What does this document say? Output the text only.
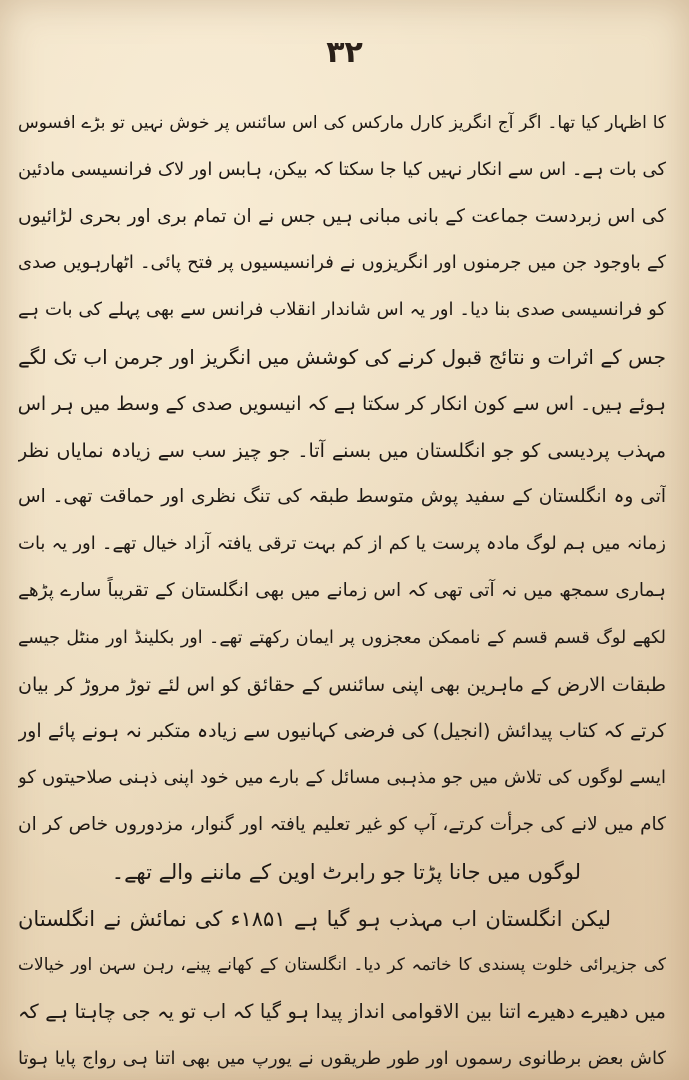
۳۲
کا اظہار کیا تھا۔ اگر آج انگریز کارل مارکس کی اس سائنس پر خوش نہیں تو بڑے افسوس
کی بات ہے۔ اس سے انکار نہیں کیا جا سکتا کہ بیکن، ہابس اور لاک فرانسیسی مادئین
کی اس زبردست جماعت کے بانی مبانی ہیں جس نے ان تمام بری اور بحری لڑائیوں
کے باوجود جن میں جرمنوں اور انگریزوں نے فرانسیسیوں پر فتح پائی۔ اٹھارہویں صدی
کو فرانسیسی صدی بنا دیا۔ اور یہ اس شاندار انقلاب فرانس سے بھی پہلے کی بات ہے
جس کے اثرات و نتائج قبول کرنے کی کوشش میں انگریز اور جرمن اب تک لگے
ہوئے ہیں۔ اس سے کون انکار کر سکتا ہے کہ انیسویں صدی کے وسط میں ہر اس
مہذب پردیسی کو جو انگلستان میں بسنے آتا۔ جو چیز سب سے زیادہ نمایاں نظر
آتی وہ انگلستان کے سفید پوش متوسط طبقہ کی تنگ نظری اور حماقت تھی۔ اس
زمانہ میں ہم لوگ مادہ پرست یا کم از کم بہت ترقی یافتہ آزاد خیال تھے۔ اور یہ بات
ہماری سمجھ میں نہ آتی تھی کہ اس زمانے میں بھی انگلستان کے تقریباً سارے پڑھے
لکھے لوگ قسم قسم کے ناممکن معجزوں پر ایمان رکھتے تھے۔ اور بکلینڈ اور منٹل جیسے
طبقات الارض کے ماہرین بھی اپنی سائنس کے حقائق کو اس لئے توڑ مروڑ کر بیان
کرتے کہ کتاب پیدائش (انجیل) کی فرضی کہانیوں سے زیادہ متکبر نہ ہونے پائے اور
ایسے لوگوں کی تلاش میں جو مذہبی مسائل کے بارے میں خود اپنی ذہنی صلاحیتوں کو
کام میں لانے کی جرأت کرتے، آپ کو غیر تعلیم یافتہ اور گنوار، مزدوروں خاص کر ان
لوگوں میں جانا پڑتا جو رابرٹ اوین کے ماننے والے تھے۔
لیکن انگلستان اب مہذب ہو گیا ہے ۱۸۵۱ء کی نمائش نے انگلستان
کی جزیرائی خلوت پسندی کا خاتمہ کر دیا۔ انگلستان کے کھانے پینے، رہن سہن اور خیالات
میں دھیرے دھیرے اتنا بین الاقوامی انداز پیدا ہو گیا کہ اب تو یہ جی چاہتا ہے کہ
کاش بعض برطانوی رسموں اور طور طریقوں نے یورپ میں بھی اتنا ہی رواج پایا ہوتا
